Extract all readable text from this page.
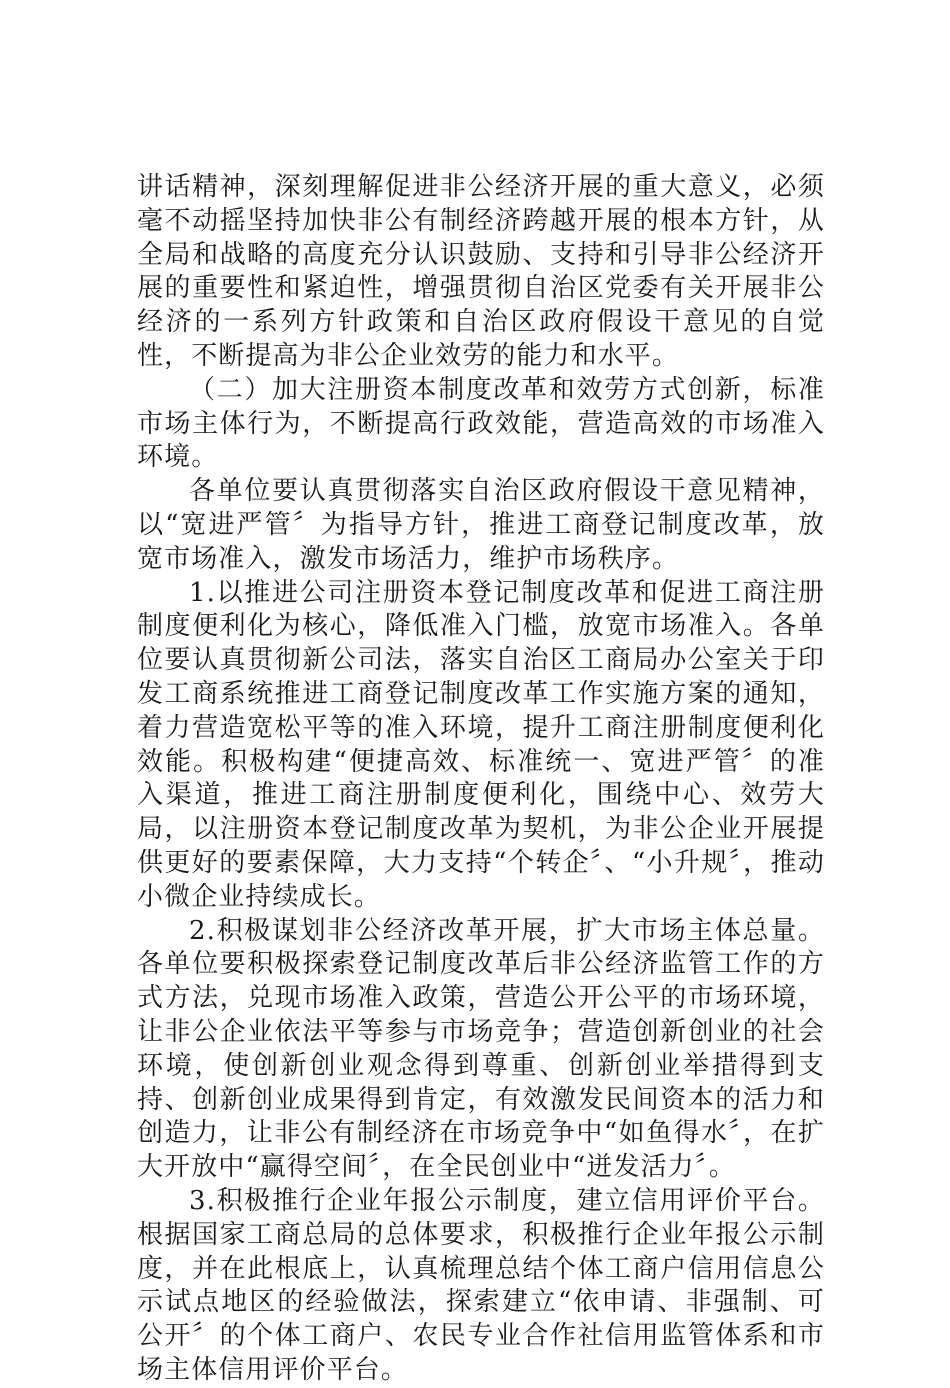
讲话精神，深刻理解促进非公经济开展的重大意义，必须毫不动摇坚持加快非公有制经济跨越开展的根本方针，从全局和战略的高度充分认识鼓励、支持和引导非公经济开展的重要性和紧迫性，增强贯彻自治区党委有关开展非公经济的一系列方针政策和自治区政府假设干意见的自觉性，不断提高为非公企业效劳的能力和水平。

（二）加大注册资本制度改革和效劳方式创新，标准市场主体行为，不断提高行政效能，营造高效的市场准入环境。

各单位要认真贯彻落实自治区政府假设干意见精神，以“宽进严管〞为指导方针，推进工商登记制度改革，放宽市场准入，激发市场活力，维护市场秩序。

1.以推进公司注册资本登记制度改革和促进工商注册制度便利化为核心，降低准入门槛，放宽市场准入。各单位要认真贯彻新公司法，落实自治区工商局办公室关于印发工商系统推进工商登记制度改革工作实施方案的通知，着力营造宽松平等的准入环境，提升工商注册制度便利化效能。积极构建“便捷高效、标准统一、宽进严管〞的准入渠道，推进工商注册制度便利化，围绕中心、效劳大局，以注册资本登记制度改革为契机，为非公企业开展提供更好的要素保障，大力支持“个转企〞、“小升规〞，推动小微企业持续成长。

2.积极谋划非公经济改革开展，扩大市场主体总量。各单位要积极探索登记制度改革后非公经济监管工作的方式方法，兑现市场准入政策，营造公开公平的市场环境，让非公企业依法平等参与市场竞争；营造创新创业的社会环境，使创新创业观念得到尊重、创新创业举措得到支持、创新创业成果得到肯定，有效激发民间资本的活力和创造力，让非公有制经济在市场竞争中“如鱼得水〞，在扩大开放中“赢得空间〞，在全民创业中“迸发活力〞。

3.积极推行企业年报公示制度，建立信用评价平台。根据国家工商总局的总体要求，积极推行企业年报公示制度，并在此根底上，认真梳理总结个体工商户信用信息公示试点地区的经验做法，探索建立“依申请、非强制、可公开〞的个体工商户、农民专业合作社信用监管体系和市场主体信用评价平台。
